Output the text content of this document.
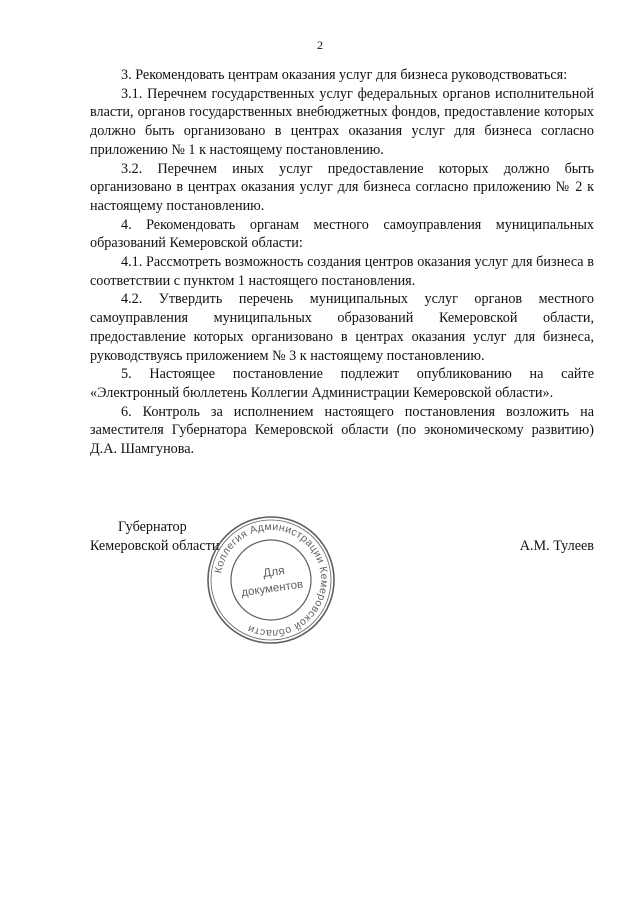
2

3. Рекомендовать центрам оказания услуг для бизнеса руководствоваться:

3.1. Перечнем государственных услуг федеральных органов исполнительной власти, органов государственных внебюджетных фондов, предоставление которых должно быть организовано в центрах оказания услуг для бизнеса согласно приложению № 1 к настоящему постановлению.

3.2. Перечнем иных услуг предоставление которых должно быть организовано в центрах оказания услуг для бизнеса согласно приложению № 2 к настоящему постановлению.

4. Рекомендовать органам местного самоуправления муниципальных образований Кемеровской области:

4.1. Рассмотреть возможность создания центров оказания услуг для бизнеса в соответствии с пунктом 1 настоящего постановления.

4.2. Утвердить перечень муниципальных услуг органов местного самоуправления муниципальных образований Кемеровской области, предоставление которых организовано в центрах оказания услуг для бизнеса, руководствуясь приложением № 3 к настоящему постановлению.

5. Настоящее постановление подлежит опубликованию на сайте «Электронный бюллетень Коллегии Администрации Кемеровской области».

6. Контроль за исполнением настоящего постановления возложить на заместителя Губернатора Кемеровской области (по экономическому развитию) Д.А. Шамгунова.

Губернатор
Кемеровской области	А.М. Тулеев
Коллегия Администрации Кемеровской области
Для
документов
